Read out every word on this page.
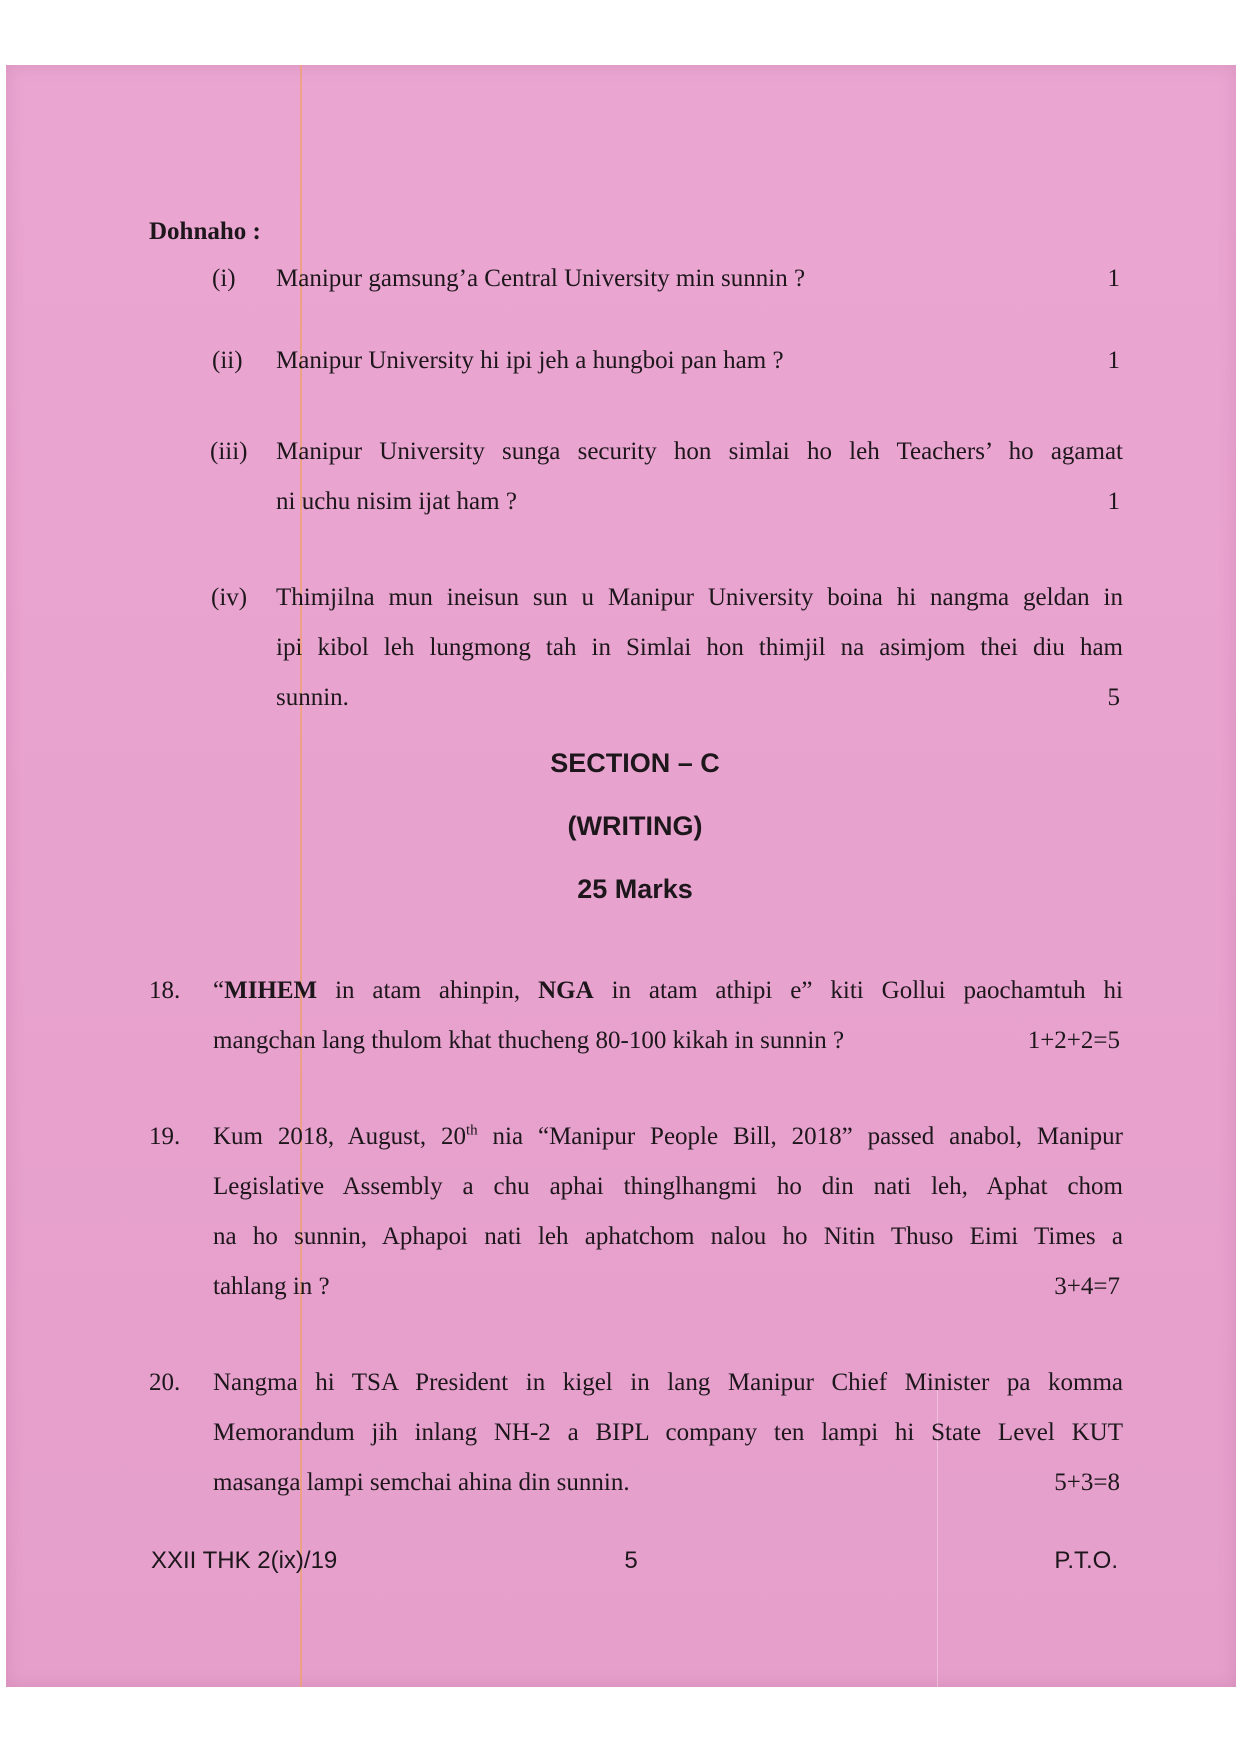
Dohnaho :
(i) Manipur gamsung’a Central University min sunnin ?	1
(ii) Manipur University hi ipi jeh a hungboi pan ham ?	1
(iii) Manipur University sunga security hon simlai ho leh Teachers’ ho agamat
ni uchu nisim ijat ham ?	1
(iv) Thimjilna mun ineisun sun u Manipur University boina hi nangma geldan in
ipi kibol leh lungmong tah in Simlai hon thimjil na asimjom thei diu ham
sunnin.	5
SECTION – C
(WRITING)
25 Marks
18. “MIHEM in atam ahinpin, NGA in atam athipi e” kiti Gollui paochamtuh hi
mangchan lang thulom khat thucheng 80-100 kikah in sunnin ?	1+2+2=5
19. Kum 2018, August, 20th nia “Manipur People Bill, 2018” passed anabol, Manipur
Legislative Assembly a chu aphai thinglhangmi ho din nati leh, Aphat chom
na ho sunnin, Aphapoi nati leh aphatchom nalou ho Nitin Thuso Eimi Times a
tahlang in ?	3+4=7
20. Nangma hi TSA President in kigel in lang Manipur Chief Minister pa komma
Memorandum jih inlang NH-2 a BIPL company ten lampi hi State Level KUT
masanga lampi semchai ahina din sunnin.	5+3=8
XXII THK 2(ix)/19	5	P.T.O.
